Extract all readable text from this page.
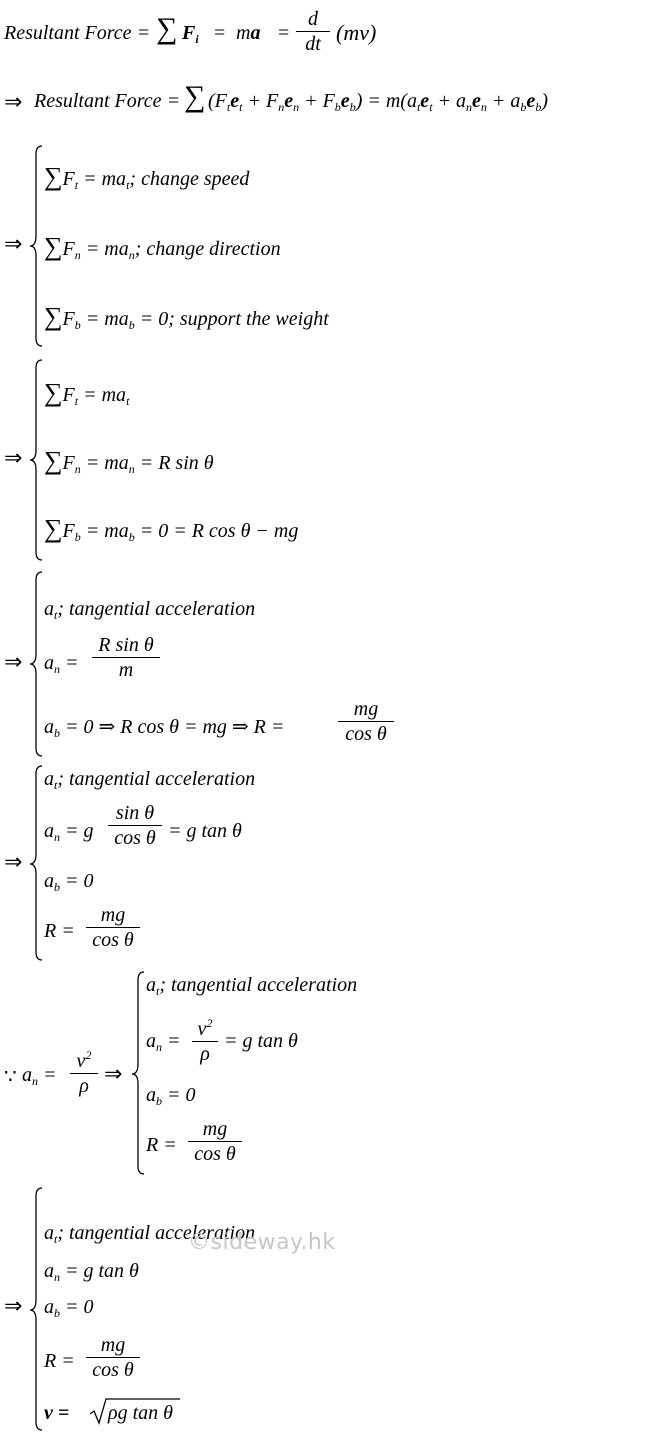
Resultant Force = ∑ $F_i$ = ma =
d
dt (mv)
⇒ Resultant Force = ∑ $(F_te_t + F_ne_n + F_be_b) = m(a_te_t + a_ne_n + a_be_b)$
⇒
$\sum F_t = ma_t$; change speed
$\sum F_n = ma_n$; change direction
$\sum F_b = ma_b = 0$; support the weight
⇒
$\sum F_t = ma_t$
$\sum F_n = ma_n = R$ sin θ
$\sum F_b = ma_b = 0 = R$ cos θ − mg
⇒
$a_t$; tangential acceleration
$a_n$ =
R sin θ
m
$a_b = 0$ ⇒ R cos θ = mg ⇒ R =
mg
cos θ
⇒
$a_t$; tangential acceleration
$a_n = g$
sin θ
cos θ = g tan θ
$a_b = 0$
R =
mg
cos θ
∵ $a_n$ =
$v^2$
ρ ⇒
$a_t$; tangential acceleration
$a_n$ =
$v^2$
ρ
= g tan θ
$a_b = 0$
R =
mg
cos θ
⇒
$a_t$; tangential acceleration
$a_n = g$ tan θ
$a_b = 0$
R =
mg
cos θ
v = ρg tan θ
©sideway.hk
